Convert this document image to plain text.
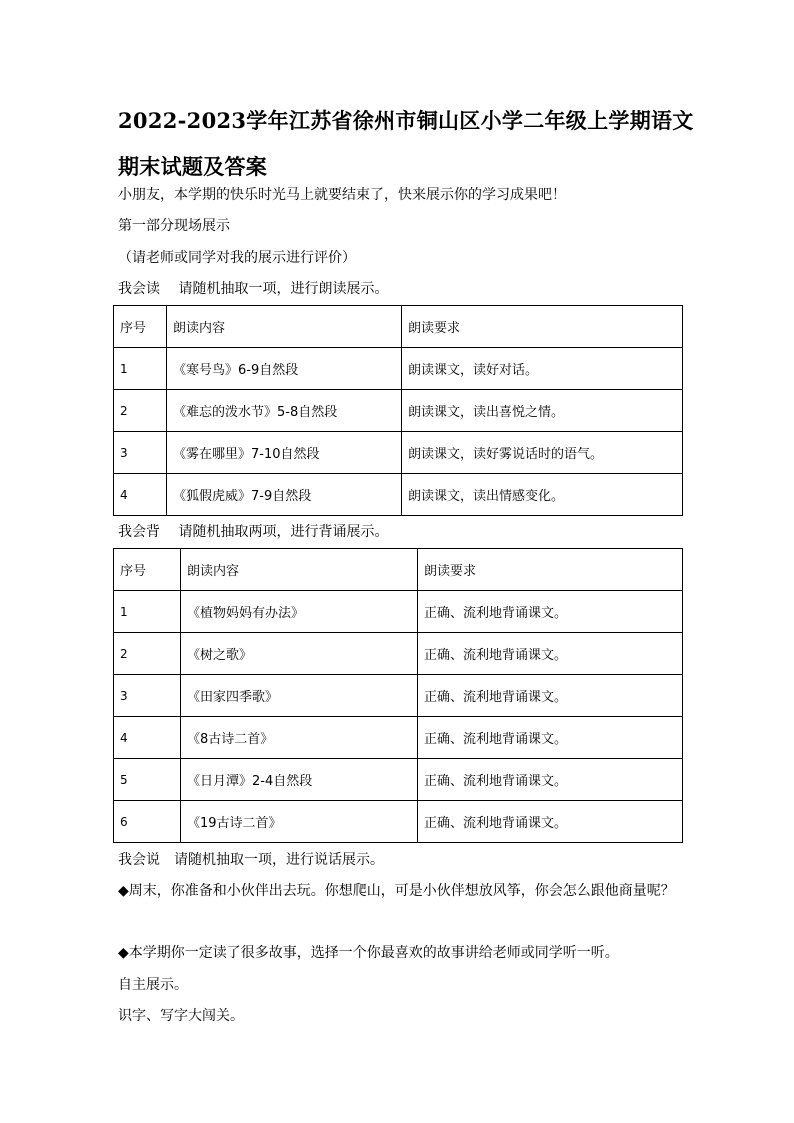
2022-2023学年江苏省徐州市铜山区小学二年级上学期语文
期末试题及答案
小朋友，本学期的快乐时光马上就要结束了，快来展示你的学习成果吧！
第一部分现场展示
（请老师或同学对我的展示进行评价）
我会读　 请随机抽取一项，进行朗读展示。
序号	朗读内容	朗读要求
1	《寒号鸟》6-9自然段	朗读课文，读好对话。
2	《难忘的泼水节》5-8自然段	朗读课文，读出喜悦之情。
3	《雾在哪里》7-10自然段	朗读课文，读好雾说话时的语气。
4	《狐假虎威》7-9自然段	朗读课文，读出情感变化。
我会背　 请随机抽取两项，进行背诵展示。
序号	朗读内容	朗读要求
1	《植物妈妈有办法》	正确、流利地背诵课文。
2	《树之歌》	正确、流利地背诵课文。
3	《田家四季歌》	正确、流利地背诵课文。
4	《8古诗二首》	正确、流利地背诵课文。
5	《日月潭》2-4自然段	正确、流利地背诵课文。
6	《19古诗二首》	正确、流利地背诵课文。
我会说　请随机抽取一项，进行说话展示。
◆周末，你准备和小伙伴出去玩。你想爬山，可是小伙伴想放风筝，你会怎么跟他商量呢？
◆本学期你一定读了很多故事，选择一个你最喜欢的故事讲给老师或同学听一听。
自主展示。
识字、写字大闯关。
